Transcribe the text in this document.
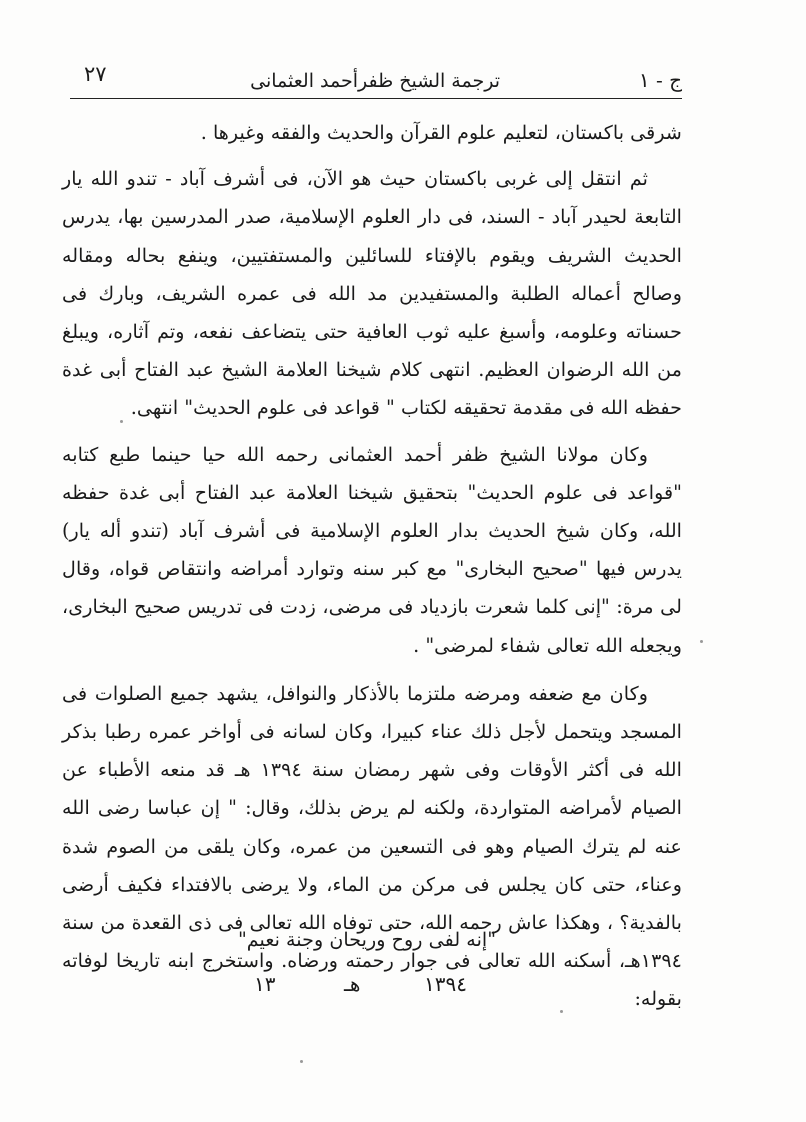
ج - ١
ترجمة الشيخ ظفرأحمد العثمانى
٢٧

شرقی باکستان، لتعلیم علوم القرآن والحدیث والفقه وغیرها .

ثم انتقل إلی غربی باکستان حیث هو الآن، فی أشرف آباد - تندو الله یار التابعة لحیدر آباد - السند، فی دار العلوم الإسلامیة، صدر المدرسین بها، یدرس الحدیث الشریف ویقوم بالإفتاء للسائلین والمستفتیین، وینفع بحاله ومقاله وصالح أعماله الطلبة والمستفیدین مد الله فی عمره الشریف، وبارك فی حسناته وعلومه، وأسبغ علیه ثوب العافیة حتی یتضاعف نفعه، وتم آثاره، ویبلغ من الله الرضوان العظیم. انتهی كلام شیخنا العلامة الشیخ عبد الفتاح أبی غدة حفظه الله فی مقدمة تحقیقه لكتاب " قواعد فی علوم الحدیث" انتهی.

وكان مولانا الشیخ ظفر أحمد العثمانی رحمه الله حیا حینما طبع كتابه "قواعد فی علوم الحدیث" بتحقیق شیخنا العلامة عبد الفتاح أبی غدة حفظه الله، وكان شیخ الحدیث بدار العلوم الإسلامیة فی أشرف آباد (تندو أله یار) یدرس فیها "صحیح البخاری" مع كبر سنه وتوارد أمراضه وانتقاص قواه، وقال لی مرة: "إنی كلما شعرت بازدیاد فی مرضی، زدت فی تدریس صحیح البخاری، ویجعله الله تعالی شفاء لمرضی" .

وكان مع ضعفه ومرضه ملتزما بالأذكار والنوافل، یشهد جمیع الصلوات فی المسجد ویتحمل لأجل ذلك عناء كبیرا، وكان لسانه فی أواخر عمره رطبا بذكر الله فی أكثر الأوقات وفی شهر رمضان سنة ١٣٩٤ هـ قد منعه الأطباء عن الصیام لأمراضه المتواردة، ولكنه لم یرض بذلك، وقال: " إن عباسا رضی الله عنه لم یترك الصیام وهو فی التسعین من عمره، وكان یلقی من الصوم شدة وعناء، حتی كان یجلس فی مركن من الماء، ولا یرضی بالافتداء فكیف أرضی بالفدیة؟ ، وهكذا عاش رحمه الله، حتی توفاه الله تعالی فی ذی القعدة من سنة ١٣٩٤هـ، أسكنه الله تعالی فی جوار رحمته ورضاه. واستخرج ابنه تاریخا لوفاته بقوله:

"إنه لفی روح وریحان وجنة نعیم"
١٣٩٤
هـ
١٣
